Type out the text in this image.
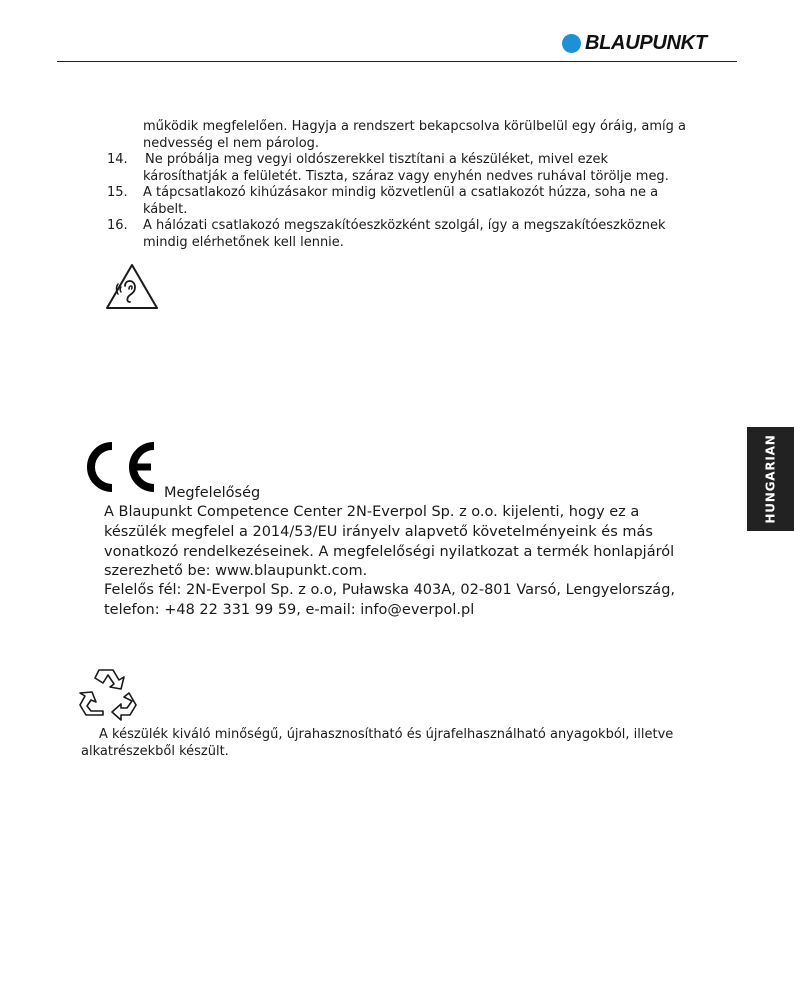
BLAUPUNKT
működik megfelelően. Hagyja a rendszert bekapcsolva körülbelül egy óráig, amíg a
nedvesség el nem párolog.
14. Ne próbálja meg vegyi oldószerekkel tisztítani a készüléket, mivel ezek
károsíthatják a felületét. Tiszta, száraz vagy enyhén nedves ruhával törölje meg.
15. A tápcsatlakozó kihúzásakor mindig közvetlenül a csatlakozót húzza, soha ne a
kábelt.
16. A hálózati csatlakozó megszakítóeszközként szolgál, így a megszakítóeszköznek
mindig elérhetőnek kell lennie.
Megfelelőség
A Blaupunkt Competence Center 2N-Everpol Sp. z o.o. kijelenti, hogy ez a
készülék megfelel a 2014/53/EU irányelv alapvető követelményeink és más
vonatkozó rendelkezéseinek. A megfelelőségi nyilatkozat a termék honlapjáról
szerezhető be: www.blaupunkt.com.
Felelős fél: 2N-Everpol Sp. z o.o, Puławska 403A, 02-801 Varsó, Lengyelország,
telefon: +48 22 331 99 59, e-mail: info@everpol.pl
A készülék kiváló minőségű, újrahasznosítható és újrafelhasználható anyagokból, illetve
alkatrészekből készült.
HUNGARIAN
